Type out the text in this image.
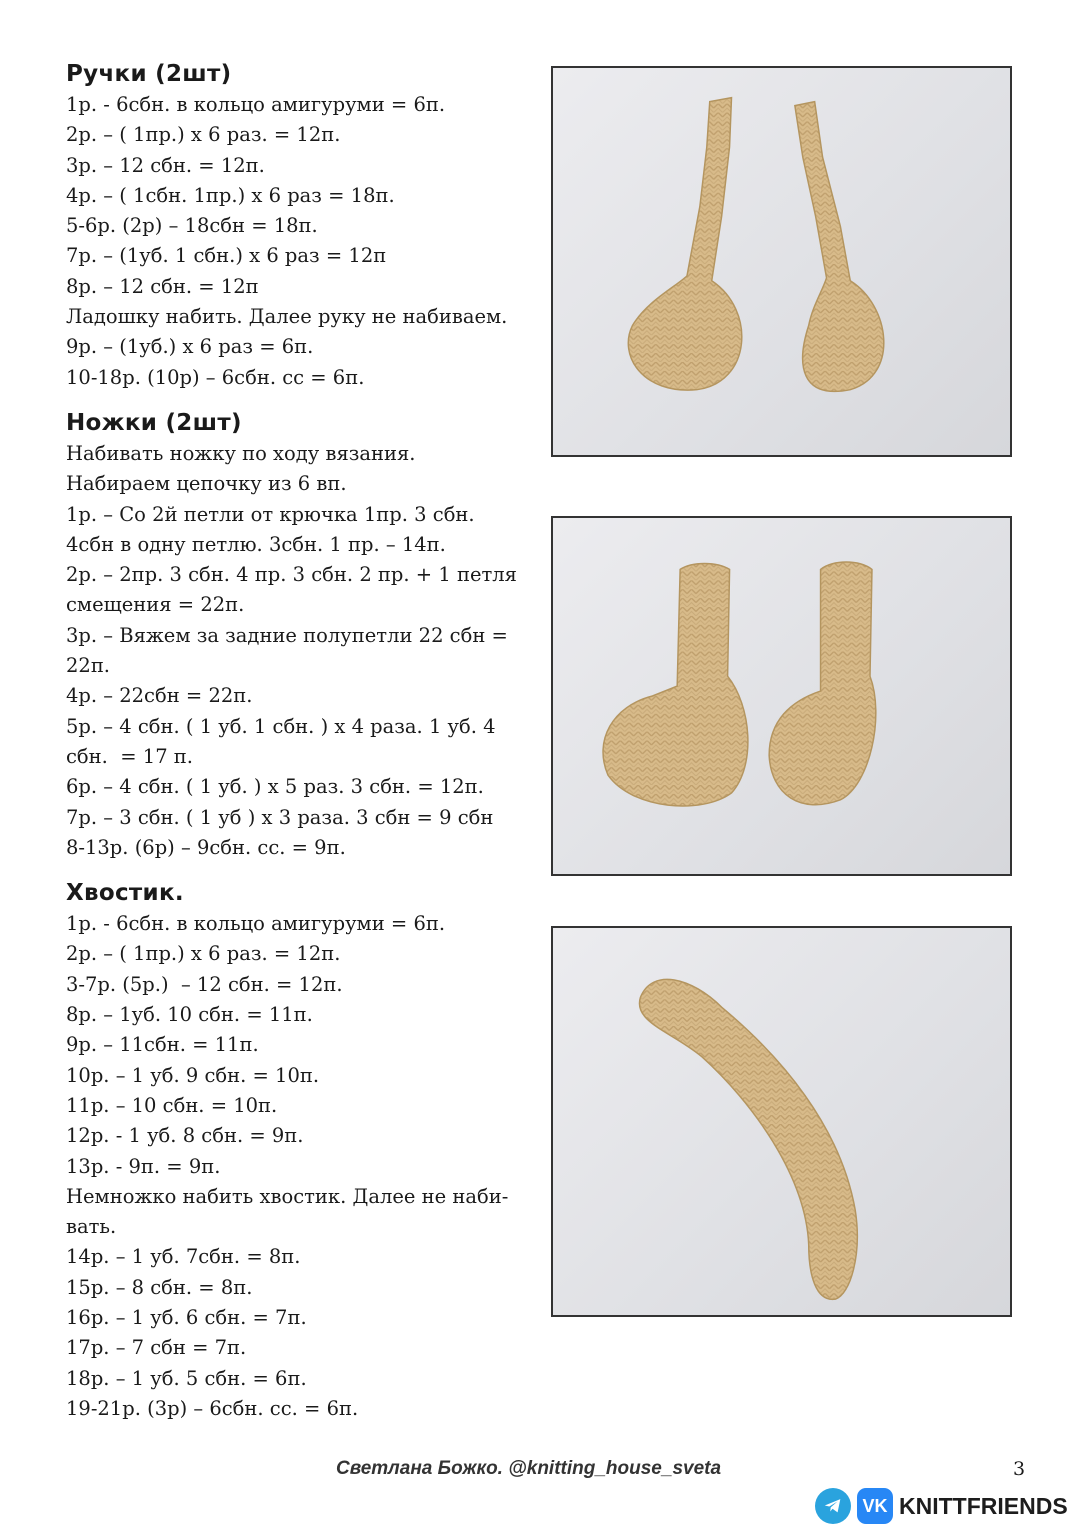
Ручки (2шт)
1р. - 6сбн. в кольцо амигуруми = 6п.
2р. – ( 1пр.) х 6 раз. = 12п.
3р. – 12 сбн. = 12п.
4р. – ( 1сбн. 1пр.) х 6 раз = 18п.
5-6р. (2р) – 18сбн = 18п.
7р. – (1уб. 1 сбн.) х 6 раз = 12п
8р. – 12 сбн. = 12п
Ладошку набить. Далее руку не набиваем.
9р. – (1уб.) х 6 раз = 6п.
10-18р. (10р) – 6сбн. сс = 6п.
Ножки (2шт)
Набивать ножку по ходу вязания.
Набираем цепочку из 6 вп.
1р. – Со 2й петли от крючка 1пр. 3 сбн.
4сбн в одну петлю. 3сбн. 1 пр. – 14п.
2р. – 2пр. 3 сбн. 4 пр. 3 сбн. 2 пр. + 1 петля
смещения = 22п.
3р. – Вяжем за задние полупетли 22 сбн =
22п.
4р. – 22сбн = 22п.
5р. – 4 сбн. ( 1 уб. 1 сбн. ) х 4 раза. 1 уб. 4
сбн.  = 17 п.
6р. – 4 сбн. ( 1 уб. ) х 5 раз. 3 сбн. = 12п.
7р. – 3 сбн. ( 1 уб ) х 3 раза. 3 сбн = 9 сбн
8-13р. (6р) – 9сбн. сс. = 9п.
Хвостик.
1р. - 6сбн. в кольцо амигуруми = 6п.
2р. – ( 1пр.) х 6 раз. = 12п.
3-7р. (5р.)  – 12 сбн. = 12п.
8р. – 1уб. 10 сбн. = 11п.
9р. – 11сбн. = 11п.
10р. – 1 уб. 9 сбн. = 10п.
11р. – 10 сбн. = 10п.
12р. - 1 уб. 8 сбн. = 9п.
13р. - 9п. = 9п.
Немножко набить хвостик. Далее не наби-
вать.
14р. – 1 уб. 7сбн. = 8п.
15р. – 8 сбн. = 8п.
16р. – 1 уб. 6 сбн. = 7п.
17р. – 7 сбн = 7п.
18р. – 1 уб. 5 сбн. = 6п.
19-21р. (3р) – 6сбн. сс. = 6п.
Светлана Божко. @knitting_house_sveta	3
VK KNITTFRIENDS
